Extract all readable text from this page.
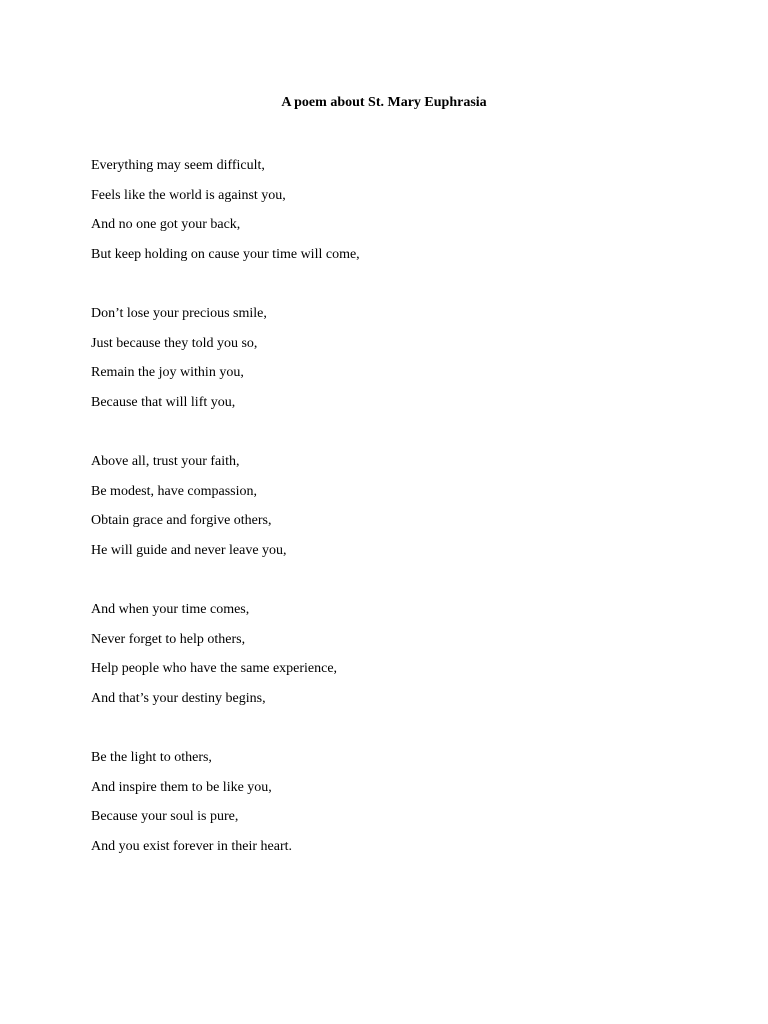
A poem about St. Mary Euphrasia
Everything may seem difficult,
Feels like the world is against you,
And no one got your back,
But keep holding on cause your time will come,
Don’t lose your precious smile,
Just because they told you so,
Remain the joy within you,
Because that will lift you,
Above all, trust your faith,
Be modest, have compassion,
Obtain grace and forgive others,
He will guide and never leave you,
And when your time comes,
Never forget to help others,
Help people who have the same experience,
And that’s your destiny begins,
Be the light to others,
And inspire them to be like you,
Because your soul is pure,
And you exist forever in their heart.
